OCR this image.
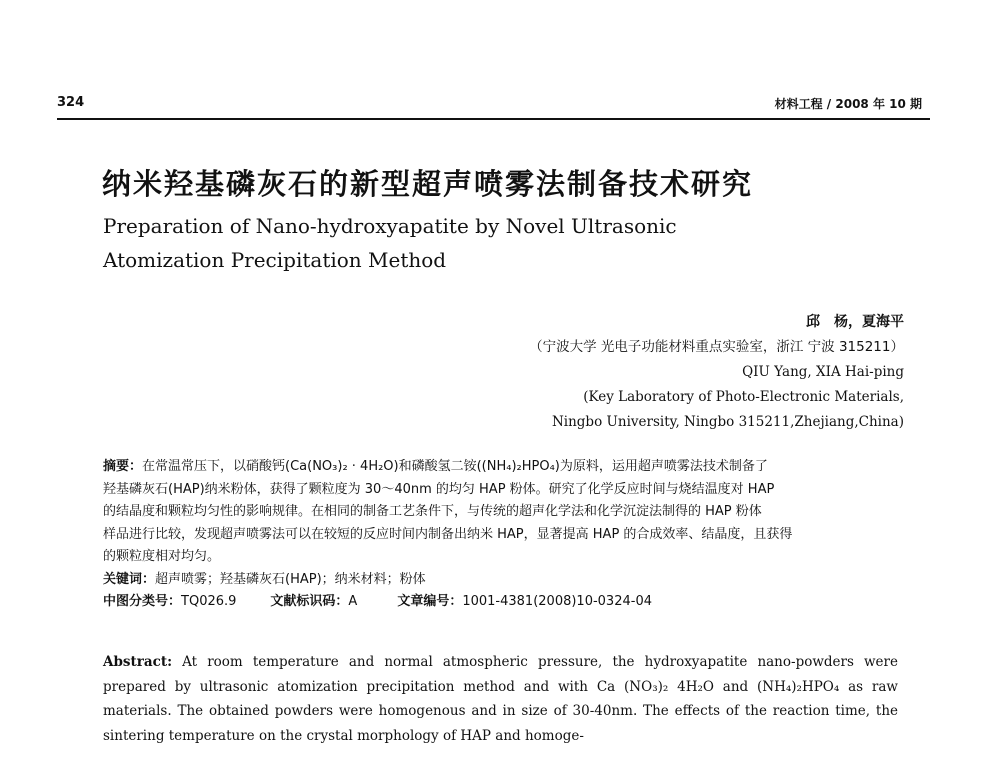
324	材料工程 / 2008 年 10 期
纳米羟基磷灰石的新型超声喷雾法制备技术研究
Preparation of Nano-hydroxyapatite by Novel Ultrasonic
Atomization Precipitation Method
邱　杨，夏海平
（宁波大学 光电子功能材料重点实验室，浙江 宁波 315211）
QIU Yang, XIA Hai-ping
(Key Laboratory of Photo-Electronic Materials,
Ningbo University, Ningbo 315211,Zhejiang,China)
摘要：在常温常压下，以硝酸钙(Ca(NO₃)₂ · 4H₂O)和磷酸氢二铵((NH₄)₂HPO₄)为原料，运用超声喷雾法技术制备了
羟基磷灰石(HAP)纳米粉体，获得了颗粒度为 30～40nm 的均匀 HAP 粉体。研究了化学反应时间与烧结温度对 HAP
的结晶度和颗粒均匀性的影响规律。在相同的制备工艺条件下，与传统的超声化学法和化学沉淀法制得的 HAP 粉体
样品进行比较，发现超声喷雾法可以在较短的反应时间内制备出纳米 HAP，显著提高 HAP 的合成效率、结晶度，且获得
的颗粒度相对均匀。
关键词：超声喷雾；羟基磷灰石(HAP)；纳米材料；粉体
中图分类号：TQ026.9	文献标识码：A	文章编号：1001-4381(2008)10-0324-04
Abstract: At room temperature and normal atmospheric pressure, the hydroxyapatite nano-powders were prepared by ultrasonic atomization precipitation method and with Ca (NO₃)₂ 4H₂O and (NH₄)₂HPO₄ as raw materials. The obtained powders were homogenous and in size of 30-40nm. The effects of the reaction time, the sintering temperature on the crystal morphology of HAP and homoge-
